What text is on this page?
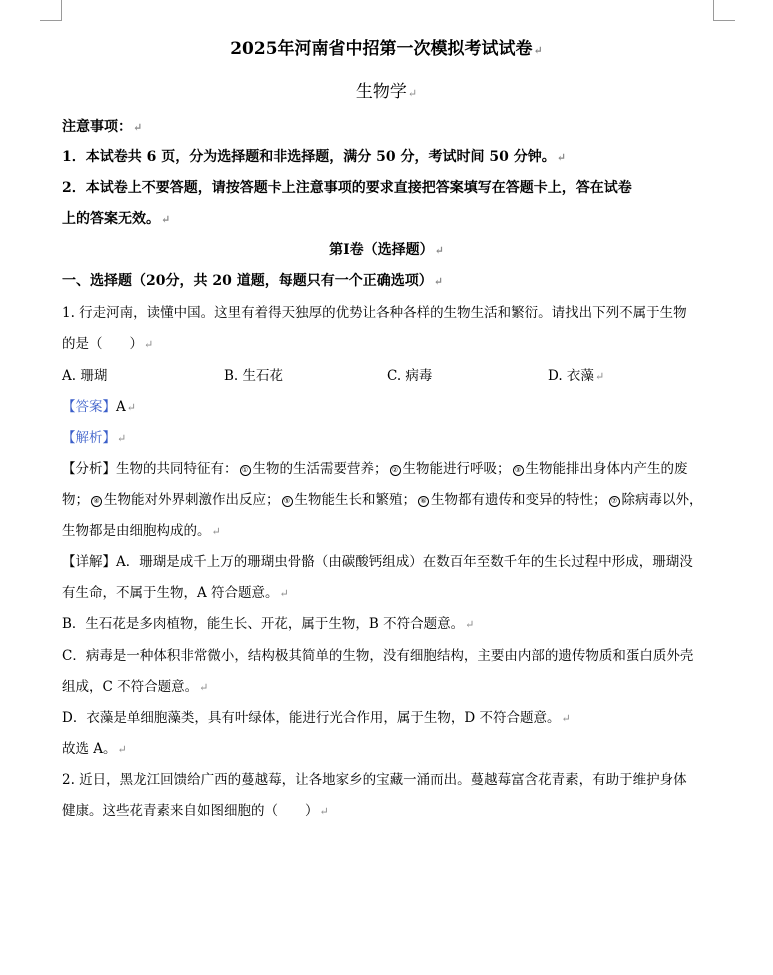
2025年河南省中招第一次模拟考试试卷↵
生物学↵
注意事项：↵
1．本试卷共 6 页，分为选择题和非选择题，满分 50 分，考试时间 50 分钟。↵
2．本试卷上不要答题，请按答题卡上注意事项的要求直接把答案填写在答题卡上，答在试卷
上的答案无效。↵
第Ⅰ卷（选择题）↵
一、选择题（20分，共 20 道题，每题只有一个正确选项）↵
1. 行走河南，读懂中国。这里有着得天独厚的优势让各种各样的生物生活和繁衍。请找出下列不属于生物
的是（　　）↵
A. 珊瑚	B. 生石花	C. 病毒	D. 衣藻↵
【答案】A↵
【解析】↵
【分析】生物的共同特征有： ① 生物的生活需要营养； ② 生物能进行呼吸； ③ 生物能排出身体内产生的废
物； ④ 生物能对外界刺激作出反应； ⑤ 生物能生长和繁殖； ⑥ 生物都有遗传和变异的特性； ⑦ 除病毒以外，
生物都是由细胞构成的。↵
【详解】A．珊瑚是成千上万的珊瑚虫骨骼（由碳酸钙组成）在数百年至数千年的生长过程中形成，珊瑚没
有生命，不属于生物，A 符合题意。↵
B．生石花是多肉植物，能生长、开花，属于生物，B 不符合题意。↵
C．病毒是一种体积非常微小，结构极其简单的生物，没有细胞结构，主要由内部的遗传物质和蛋白质外壳
组成，C 不符合题意。↵
D．衣藻是单细胞藻类，具有叶绿体，能进行光合作用，属于生物，D 不符合题意。↵
故选 A。↵
2. 近日，黑龙江回馈给广西的蔓越莓，让各地家乡的宝藏一涌而出。蔓越莓富含花青素，有助于维护身体
健康。这些花青素来自如图细胞的（　　）↵
